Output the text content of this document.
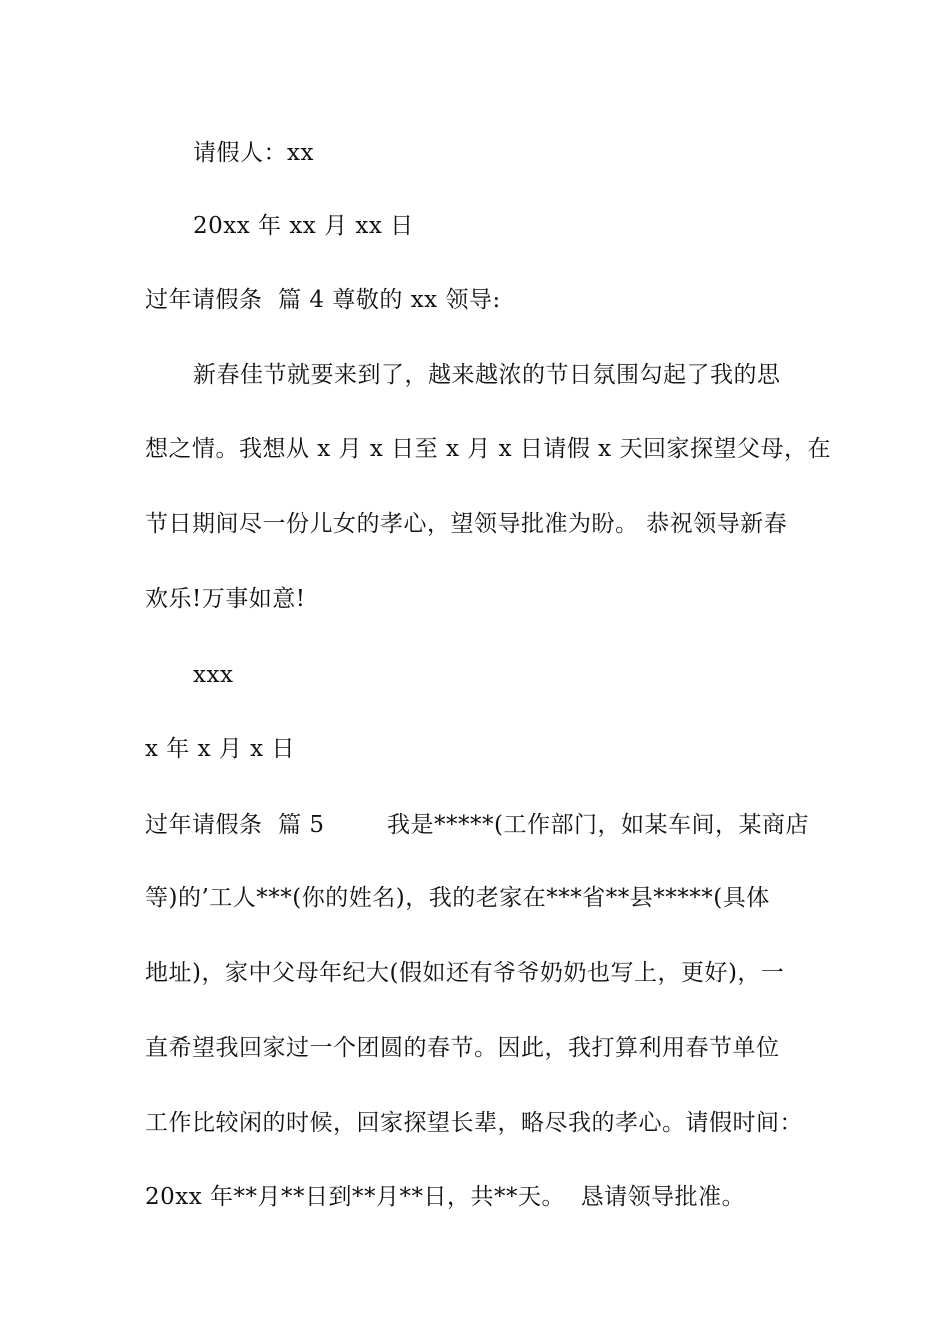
请假人：xx
20xx 年 xx 月 xx 日
过年请假条  篇 4 尊敬的 xx 领导:
新春佳节就要来到了，越来越浓的节日氛围勾起了我的思
想之情。我想从 x 月 x 日至 x 月 x 日请假 x 天回家探望父母，在
节日期间尽一份儿女的孝心，望领导批准为盼。 恭祝领导新春
欢乐!万事如意!
xxx
x 年 x 月 x 日
过年请假条  篇 5        我是*****(工作部门，如某车间，某商店
等)的’工人***(你的姓名)，我的老家在***省**县*****(具体
地址)，家中父母年纪大(假如还有爷爷奶奶也写上，更好)，一
直希望我回家过一个团圆的春节。因此，我打算利用春节单位
工作比较闲的时候，回家探望长辈，略尽我的孝心。请假时间：
20xx 年**月**日到**月**日，共**天。  恳请领导批准。
